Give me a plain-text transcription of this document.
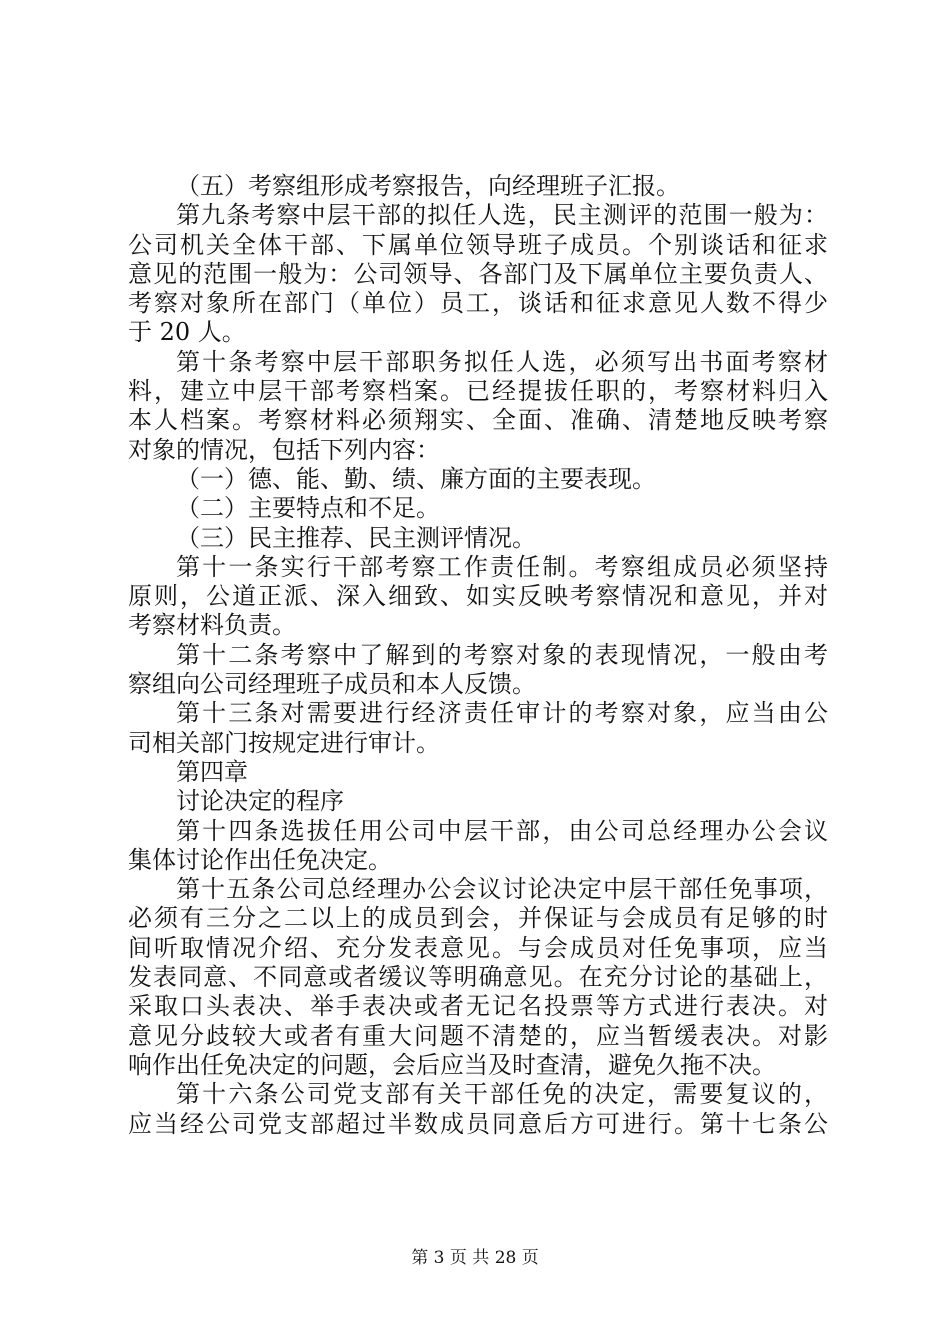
（五）考察组形成考察报告，向经理班子汇报。
第九条考察中层干部的拟任人选，民主测评的范围一般为：
公司机关全体干部、下属单位领导班子成员。个别谈话和征求
意见的范围一般为：公司领导、各部门及下属单位主要负责人、
考察对象所在部门（单位）员工，谈话和征求意见人数不得少
于 20 人。
第十条考察中层干部职务拟任人选，必须写出书面考察材
料，建立中层干部考察档案。已经提拔任职的，考察材料归入
本人档案。考察材料必须翔实、全面、准确、清楚地反映考察
对象的情况，包括下列内容：
（一）德、能、勤、绩、廉方面的主要表现。
（二）主要特点和不足。
（三）民主推荐、民主测评情况。
第十一条实行干部考察工作责任制。考察组成员必须坚持
原则，公道正派、深入细致、如实反映考察情况和意见，并对
考察材料负责。
第十二条考察中了解到的考察对象的表现情况，一般由考
察组向公司经理班子成员和本人反馈。
第十三条对需要进行经济责任审计的考察对象，应当由公
司相关部门按规定进行审计。
第四章
讨论决定的程序
第十四条选拔任用公司中层干部，由公司总经理办公会议
集体讨论作出任免决定。
第十五条公司总经理办公会议讨论决定中层干部任免事项，
必须有三分之二以上的成员到会，并保证与会成员有足够的时
间听取情况介绍、充分发表意见。与会成员对任免事项，应当
发表同意、不同意或者缓议等明确意见。在充分讨论的基础上，
采取口头表决、举手表决或者无记名投票等方式进行表决。对
意见分歧较大或者有重大问题不清楚的，应当暂缓表决。对影
响作出任免决定的问题，会后应当及时查清，避免久拖不决。
第十六条公司党支部有关干部任免的决定，需要复议的，
应当经公司党支部超过半数成员同意后方可进行。第十七条公
第 3 页 共 28 页
